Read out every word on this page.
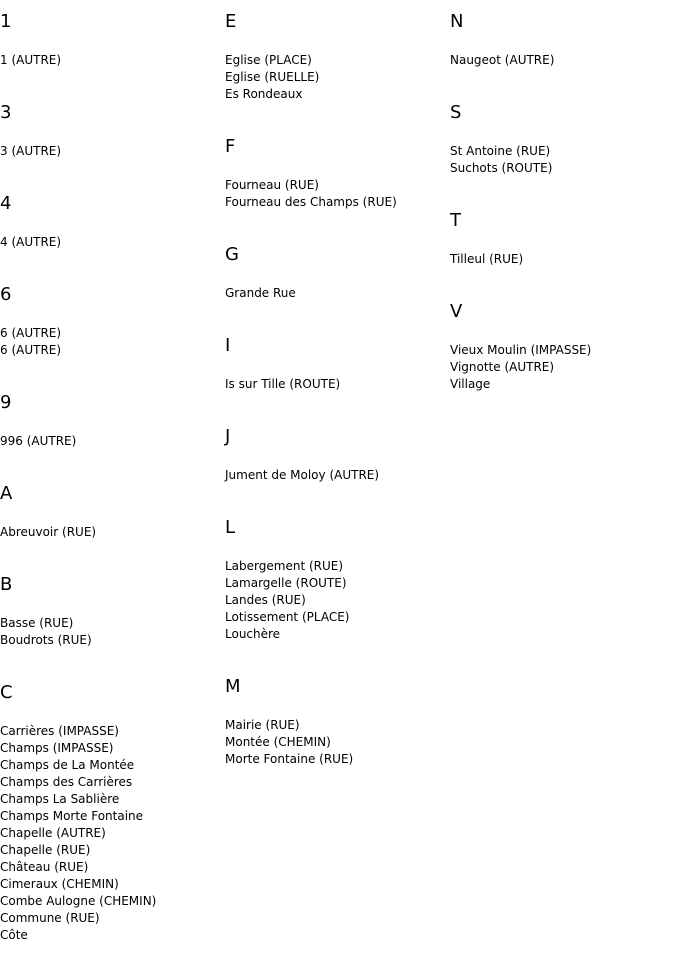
1
1 (AUTRE)
3
3 (AUTRE)
4
4 (AUTRE)
6
6 (AUTRE)
6 (AUTRE)
9
996 (AUTRE)
A
Abreuvoir (RUE)
B
Basse (RUE)
Boudrots (RUE)
C
Carrières (IMPASSE)
Champs (IMPASSE)
Champs de La Montée
Champs des Carrières
Champs La Sablière
Champs Morte Fontaine
Chapelle (AUTRE)
Chapelle (RUE)
Château (RUE)
Cimeraux (CHEMIN)
Combe Aulogne (CHEMIN)
Commune (RUE)
Côte
E
Eglise (PLACE)
Eglise (RUELLE)
Es Rondeaux
F
Fourneau (RUE)
Fourneau des Champs (RUE)
G
Grande Rue
I
Is sur Tille (ROUTE)
J
Jument de Moloy (AUTRE)
L
Labergement (RUE)
Lamargelle (ROUTE)
Landes (RUE)
Lotissement (PLACE)
Louchère
M
Mairie (RUE)
Montée (CHEMIN)
Morte Fontaine (RUE)
N
Naugeot (AUTRE)
S
St Antoine (RUE)
Suchots (ROUTE)
T
Tilleul (RUE)
V
Vieux Moulin (IMPASSE)
Vignotte (AUTRE)
Village
